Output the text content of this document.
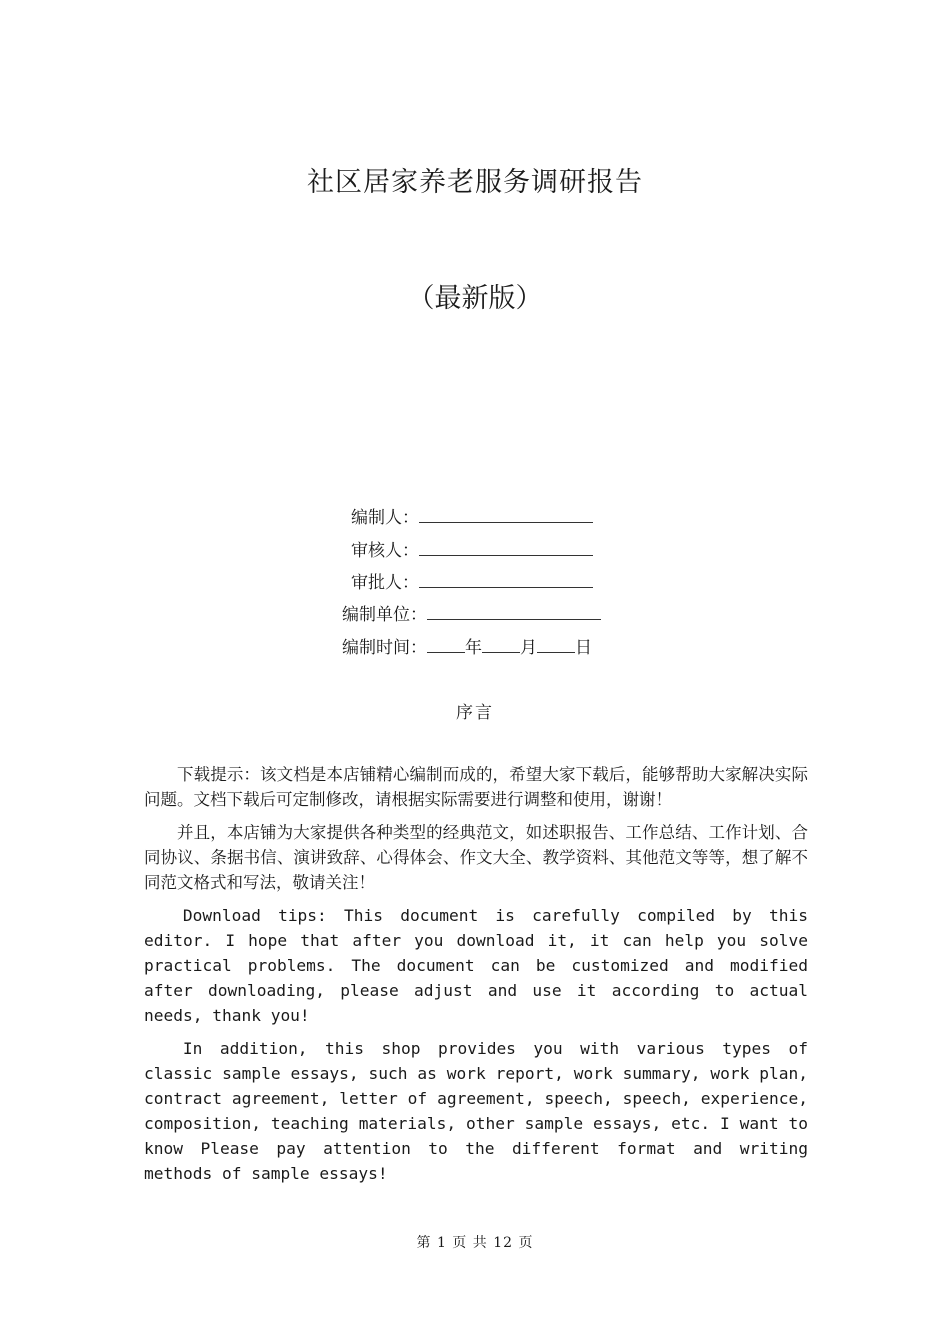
社区居家养老服务调研报告
（最新版）
编制人：
审核人：
审批人：
编制单位：
编制时间： 年 月 日
序言

下载提示：该文档是本店铺精心编制而成的，希望大家下载后，能够帮助大家解决实际问题。文档下载后可定制修改，请根据实际需要进行调整和使用，谢谢！

并且，本店铺为大家提供各种类型的经典范文，如述职报告、工作总结、工作计划、合同协议、条据书信、演讲致辞、心得体会、作文大全、教学资料、其他范文等等，想了解不同范文格式和写法，敬请关注！

Download tips: This document is carefully compiled by this editor. I hope that after you download it, it can help you solve practical problems. The document can be customized and modified after downloading, please adjust and use it according to actual needs, thank you!

In addition, this shop provides you with various types of classic sample essays, such as work report, work summary, work plan, contract agreement, letter of agreement, speech, speech, experience, composition, teaching materials, other sample essays, etc. I want to know Please pay attention to the different format and writing methods of sample essays!

第 1 页 共 12 页
